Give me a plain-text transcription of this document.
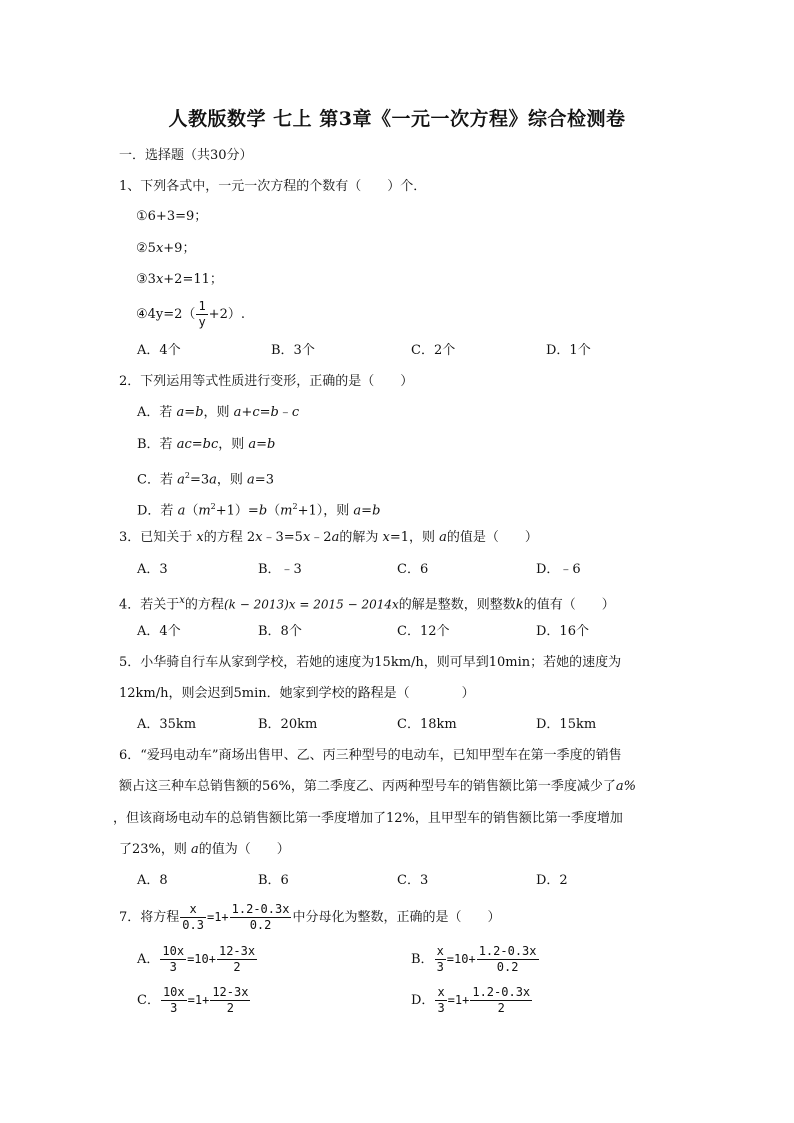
人教版数学 七上 第3章《一元一次方程》综合检测卷
一．选择题（共30分）
1、下列各式中，一元一次方程的个数有（　　）个．
①6+3=9；
②5x+9；
③3x+2=11；
④4y=2（ $\frac{1}{y} +2$）.
A．4个	B．3个	C．2个	D．1个
2．下列运用等式性质进行变形，正确的是（　　）
A．若 a=b，则 a+c=b﹣c
B．若 ac=bc，则 a=b
C．若 $a^2=3a$，则 a=3
D．若 $a(m^2+1)=b(m^2+1)$，则 a=b
3．已知关于 x的方程 2x﹣3=5x﹣2a的解为 x=1，则 a的值是（　　）
A．3	B．﹣3	C．6	D．﹣6
4．若关于$^x$的方程(k − 2013)x = 2015 − 2014x的解是整数，则整数k的值有（　　）
A．4个	B．8个	C．12个	D．16个
5．小华骑自行车从家到学校，若她的速度为15km/h，则可早到10min；若她的速度为
12km/h，则会迟到5min．她家到学校的路程是（　　　　）
A．35km	B．20km	C．18km	D．15km
6．“爱玛电动车”商场出售甲、乙、丙三种型号的电动车，已知甲型车在第一季度的销售
额占这三种车总销售额的56%，第二季度乙、丙两种型号车的销售额比第一季度减少了a%
，但该商场电动车的总销售额比第一季度增加了12%，且甲型车的销售额比第一季度增加
了23%，则 a的值为（　　）
A．8	B．6	C．3	D．2
7．将方程 $\frac{x}{0.3} =1+ \frac{1.2-0.3x}{0.2}$ 中分母化为整数，正确的是（　　）
A． $\frac{10x}{3} =10+ \frac{12-3x}{2}$	B． $\frac{x}{3} =10+ \frac{1.2-0.3x}{0.2}$
C． $\frac{10x}{3} =1+ \frac{12-3x}{2}$	D． $\frac{x}{3} =1+ \frac{1.2-0.3x}{2}$
